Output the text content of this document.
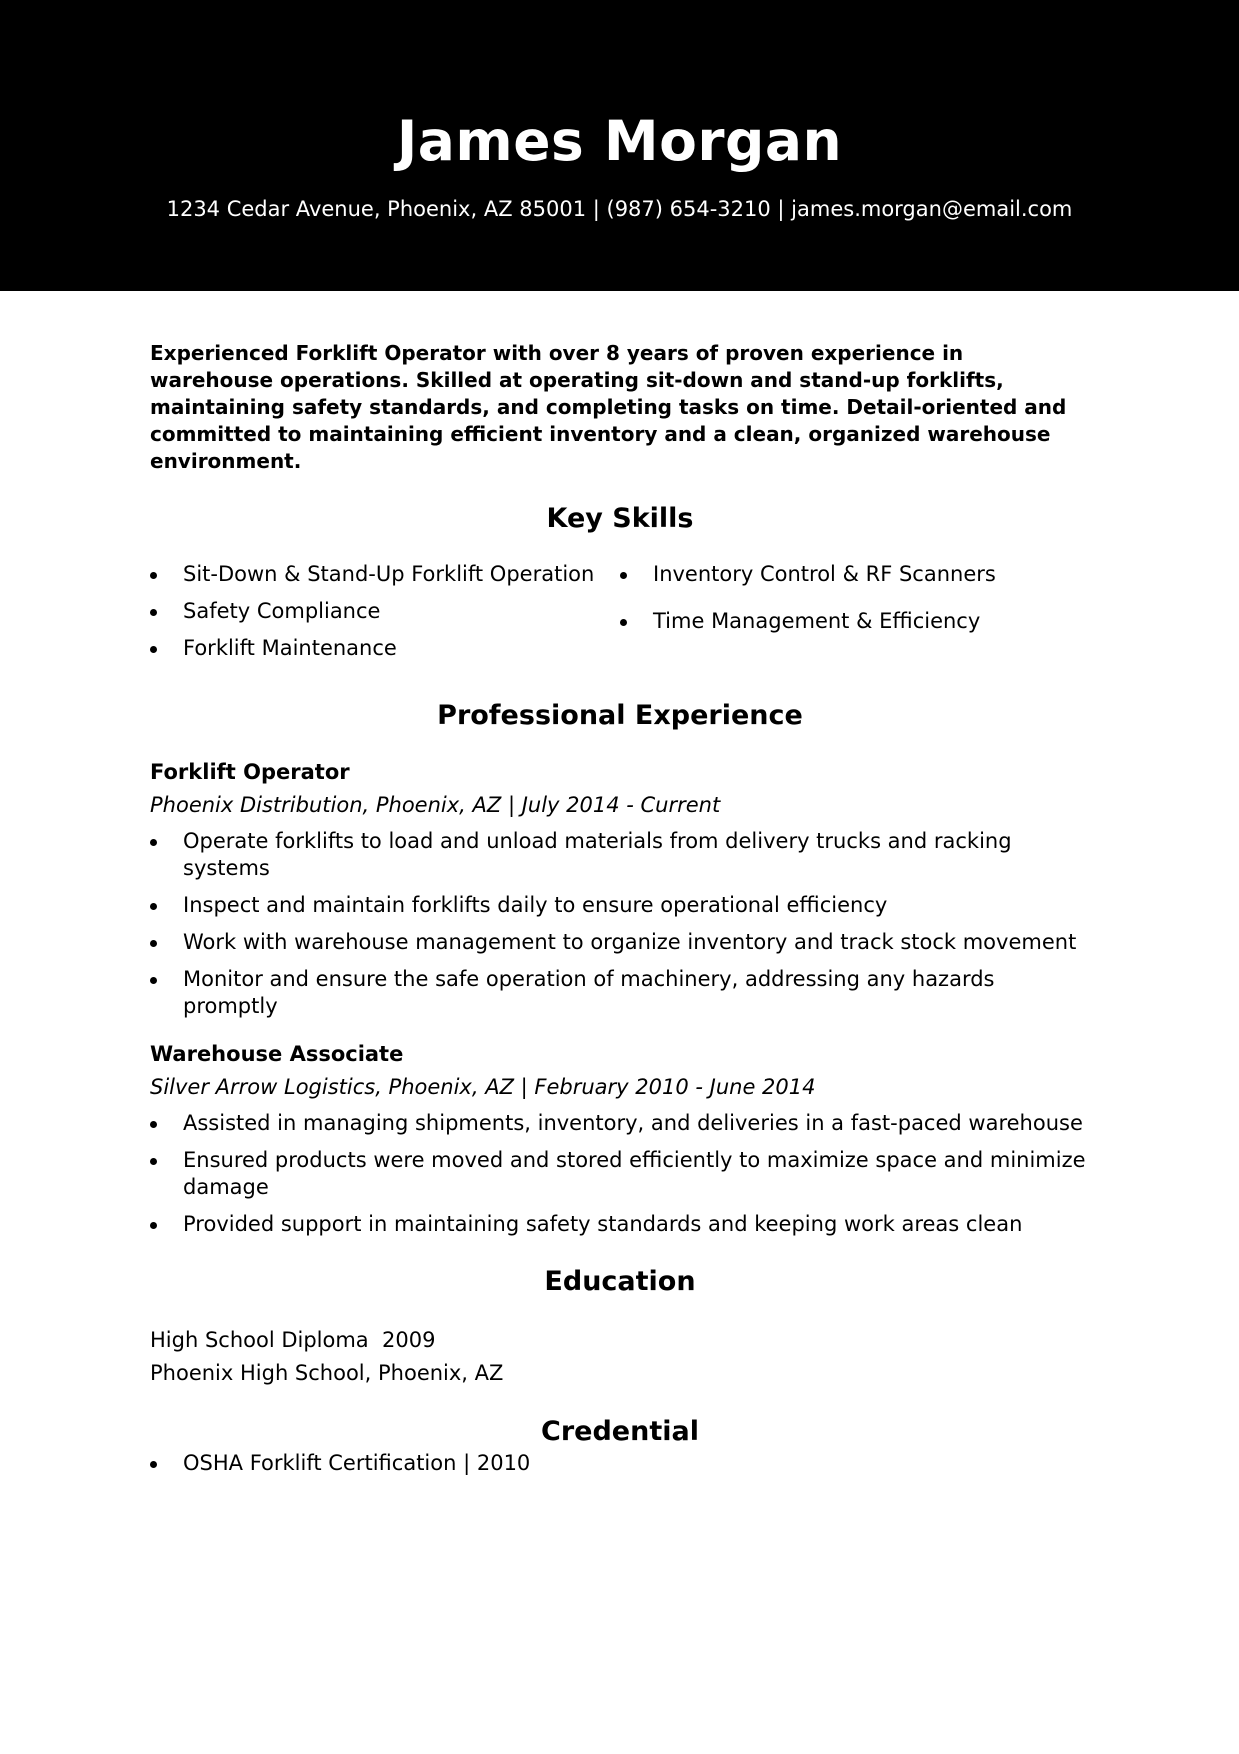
James Morgan
1234 Cedar Avenue, Phoenix, AZ 85001 | (987) 654-3210 | james.morgan@email.com

Experienced Forklift Operator with over 8 years of proven experience in warehouse operations. Skilled at operating sit-down and stand-up forklifts, maintaining safety standards, and completing tasks on time. Detail-oriented and committed to maintaining efficient inventory and a clean, organized warehouse environment.

Key Skills
Sit-Down & Stand-Up Forklift Operation
Safety Compliance
Forklift Maintenance
Inventory Control & RF Scanners
Time Management & Efficiency
Professional Experience

Forklift Operator

Phoenix Distribution, Phoenix, AZ | July 2014 - Current

Operate forklifts to load and unload materials from delivery trucks and racking systems
Inspect and maintain forklifts daily to ensure operational efficiency
Work with warehouse management to organize inventory and track stock movement
Monitor and ensure the safe operation of machinery, addressing any hazards promptly

Warehouse Associate

Silver Arrow Logistics, Phoenix, AZ | February 2010 - June 2014

Assisted in managing shipments, inventory, and deliveries in a fast-paced warehouse
Ensured products were moved and stored efficiently to maximize space and minimize damage
Provided support in maintaining safety standards and keeping work areas clean
Education
High School Diploma  2009
Phoenix High School, Phoenix, AZ
Credential
OSHA Forklift Certification | 2010
